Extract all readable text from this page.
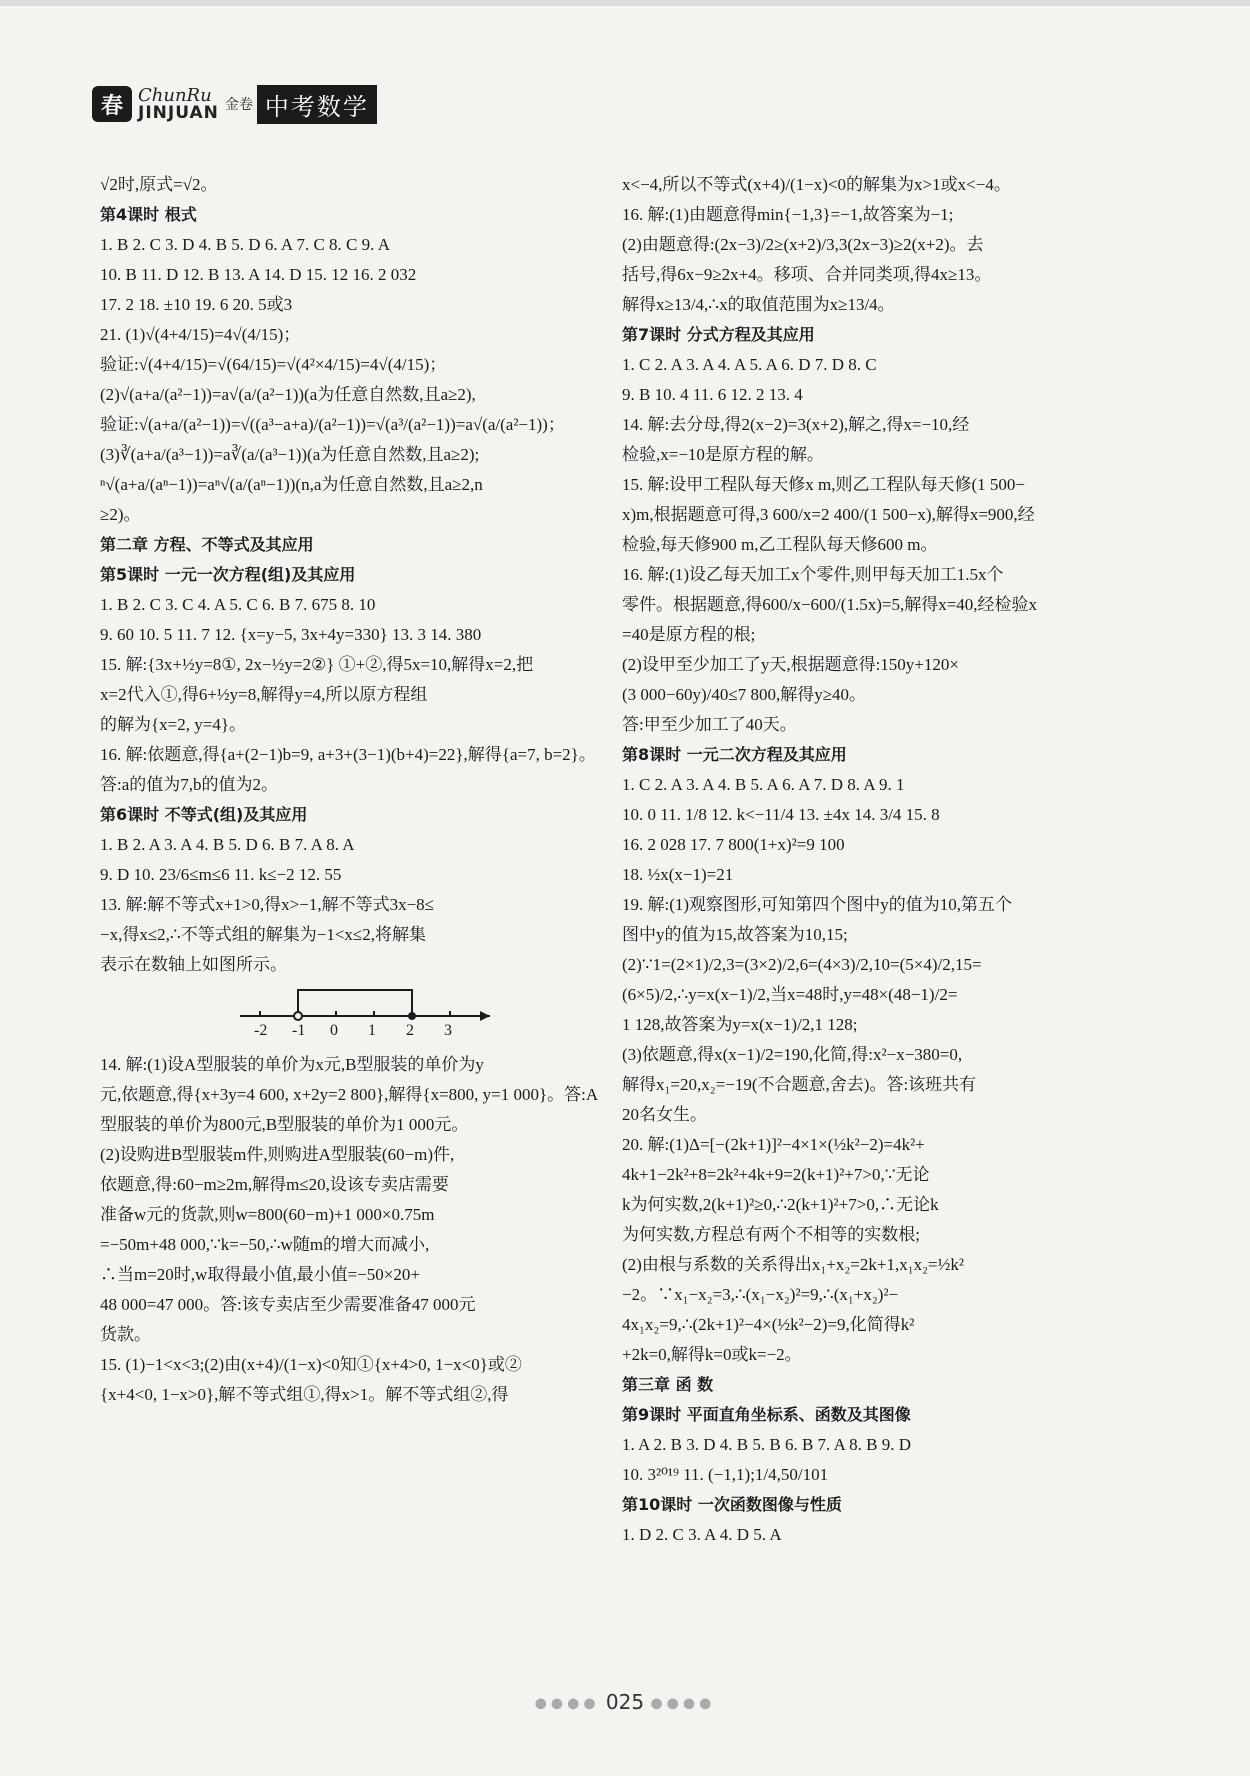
春 ChunRu
JINJUAN 金卷 中考数学
√2时,原式=√2。
第4课时 根式
1. B 2. C 3. D 4. B 5. D 6. A 7. C 8. C 9. A
10. B 11. D 12. B 13. A 14. D 15. 12 16. 2 032
17. 2 18. ±10 19. 6 20. 5或3
21. (1)√(4+4/15)=4√(4/15)；
验证:√(4+4/15)=√(64/15)=√(4²×4/15)=4√(4/15)；
(2)√(a+a/(a²−1))=a√(a/(a²−1))(a为任意自然数,且a≥2),
验证:√(a+a/(a²−1))=√((a³−a+a)/(a²−1))=√(a³/(a²−1))=a√(a/(a²−1))；
(3)∛(a+a/(a³−1))=a∛(a/(a³−1))(a为任意自然数,且a≥2);
ⁿ√(a+a/(aⁿ−1))=aⁿ√(a/(aⁿ−1))(n,a为任意自然数,且a≥2,n
≥2)。
第二章 方程、不等式及其应用
第5课时 一元一次方程(组)及其应用
1. B 2. C 3. C 4. A 5. C 6. B 7. 675 8. 10
9. 60 10. 5 11. 7 12. {x=y−5, 3x+4y=330} 13. 3 14. 380
15. 解:{3x+½y=8①, 2x−½y=2②} ①+②,得5x=10,解得x=2,把
x=2代入①,得6+½y=8,解得y=4,所以原方程组
的解为{x=2, y=4}。
16. 解:依题意,得{a+(2−1)b=9, a+3+(3−1)(b+4)=22},解得{a=7, b=2}。
答:a的值为7,b的值为2。
第6课时 不等式(组)及其应用
1. B 2. A 3. A 4. B 5. D 6. B 7. A 8. A
9. D 10. 23/6≤m≤6 11. k≤−2 12. 55
13. 解:解不等式x+1>0,得x>−1,解不等式3x−8≤
−x,得x≤2,∴不等式组的解集为−1<x≤2,将解集
表示在数轴上如图所示。
-2 -1 0 1 2 3
14. 解:(1)设A型服装的单价为x元,B型服装的单价为y
元,依题意,得{x+3y=4 600, x+2y=2 800},解得{x=800, y=1 000}。答:A
型服装的单价为800元,B型服装的单价为1 000元。
(2)设购进B型服装m件,则购进A型服装(60−m)件,
依题意,得:60−m≥2m,解得m≤20,设该专卖店需要
准备w元的货款,则w=800(60−m)+1 000×0.75m
=−50m+48 000,∵k=−50,∴w随m的增大而减小,
∴当m=20时,w取得最小值,最小值=−50×20+
48 000=47 000。答:该专卖店至少需要准备47 000元
货款。
15. (1)−1<x<3;(2)由(x+4)/(1−x)<0知①{x+4>0, 1−x<0}或②
{x+4<0, 1−x>0},解不等式组①,得x>1。解不等式组②,得
x<−4,所以不等式(x+4)/(1−x)<0的解集为x>1或x<−4。
16. 解:(1)由题意得min{−1,3}=−1,故答案为−1;
(2)由题意得:(2x−3)/2≥(x+2)/3,3(2x−3)≥2(x+2)。去
括号,得6x−9≥2x+4。移项、合并同类项,得4x≥13。
解得x≥13/4,∴x的取值范围为x≥13/4。
第7课时 分式方程及其应用
1. C 2. A 3. A 4. A 5. A 6. D 7. D 8. C
9. B 10. 4 11. 6 12. 2 13. 4
14. 解:去分母,得2(x−2)=3(x+2),解之,得x=−10,经
检验,x=−10是原方程的解。
15. 解:设甲工程队每天修x m,则乙工程队每天修(1 500−
x)m,根据题意可得,3 600/x=2 400/(1 500−x),解得x=900,经
检验,每天修900 m,乙工程队每天修600 m。
16. 解:(1)设乙每天加工x个零件,则甲每天加工1.5x个
零件。根据题意,得600/x−600/(1.5x)=5,解得x=40,经检验x
=40是原方程的根;
(2)设甲至少加工了y天,根据题意得:150y+120×
(3 000−60y)/40≤7 800,解得y≥40。
答:甲至少加工了40天。
第8课时 一元二次方程及其应用
1. C 2. A 3. A 4. B 5. A 6. A 7. D 8. A 9. 1
10. 0 11. 1/8 12. k<−11/4 13. ±4x 14. 3/4 15. 8
16. 2 028 17. 7 800(1+x)²=9 100
18. ½x(x−1)=21
19. 解:(1)观察图形,可知第四个图中y的值为10,第五个
图中y的值为15,故答案为10,15;
(2)∵1=(2×1)/2,3=(3×2)/2,6=(4×3)/2,10=(5×4)/2,15=
(6×5)/2,∴y=x(x−1)/2,当x=48时,y=48×(48−1)/2=
1 128,故答案为y=x(x−1)/2,1 128;
(3)依题意,得x(x−1)/2=190,化简,得:x²−x−380=0,
解得x₁=20,x₂=−19(不合题意,舍去)。答:该班共有
20名女生。
20. 解:(1)Δ=[−(2k+1)]²−4×1×(½k²−2)=4k²+
4k+1−2k²+8=2k²+4k+9=2(k+1)²+7>0,∵无论
k为何实数,2(k+1)²≥0,∴2(k+1)²+7>0,∴无论k
为何实数,方程总有两个不相等的实数根;
(2)由根与系数的关系得出x₁+x₂=2k+1,x₁x₂=½k²
−2。∵x₁−x₂=3,∴(x₁−x₂)²=9,∴(x₁+x₂)²−
4x₁x₂=9,∴(2k+1)²−4×(½k²−2)=9,化简得k²
+2k=0,解得k=0或k=−2。
第三章 函 数
第9课时 平面直角坐标系、函数及其图像
1. A 2. B 3. D 4. B 5. B 6. B 7. A 8. B 9. D
10. 3²⁰¹⁹ 11. (−1,1);1/4,50/101
第10课时 一次函数图像与性质
1. D 2. C 3. A 4. D 5. A
●●●● 025 ●●●●
